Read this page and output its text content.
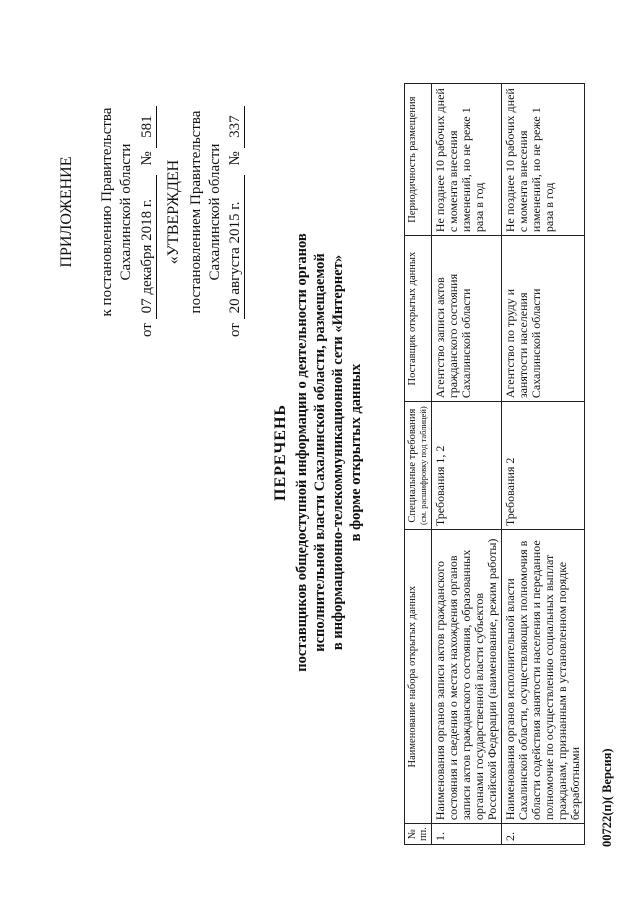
ПРИЛОЖЕНИЕ к постановлению Правительства Сахалинской области
от 07 декабря 2018 г. № 581
«УТВЕРЖДЕН постановлением Правительства Сахалинской области
от 20 августа 2015 г. № 337
ПЕРЕЧЕНЬ поставщиков общедоступной информации о деятельности органов исполнительной власти Сахалинской области, размещаемой в информационно-телекоммуникационной сети «Интернет» в форме открытых данных
№ пп.	Наименование набора открытых данных	Специальные требования (см. расшифровку под таблицей)	Поставщик открытых данных	Периодичность размещения
1.	Наименования органов записи актов гражданского состояния и сведения о местах нахождения органов записи актов гражданского состояния, образованных органами государственной власти субъектов Российской Федерации (наименование, режим работы)	Требования 1, 2	Агентство записи актов гражданского состояния Сахалинской области	Не позднее 10 рабочих дней с момента внесения изменений, но не реже 1 раза в год
2.	Наименования органов исполнительной власти Сахалинской области, осуществляющих полномочия в области содействия занятости населения и переданное полномочие по осуществлению социальных выплат гражданам, признанным в установленном порядке безработными	Требования 2	Агентство по труду и занятости населения Сахалинской области	Не позднее 10 рабочих дней с момента внесения изменений, но не реже 1 раза в год
00722(п)( Версия)
